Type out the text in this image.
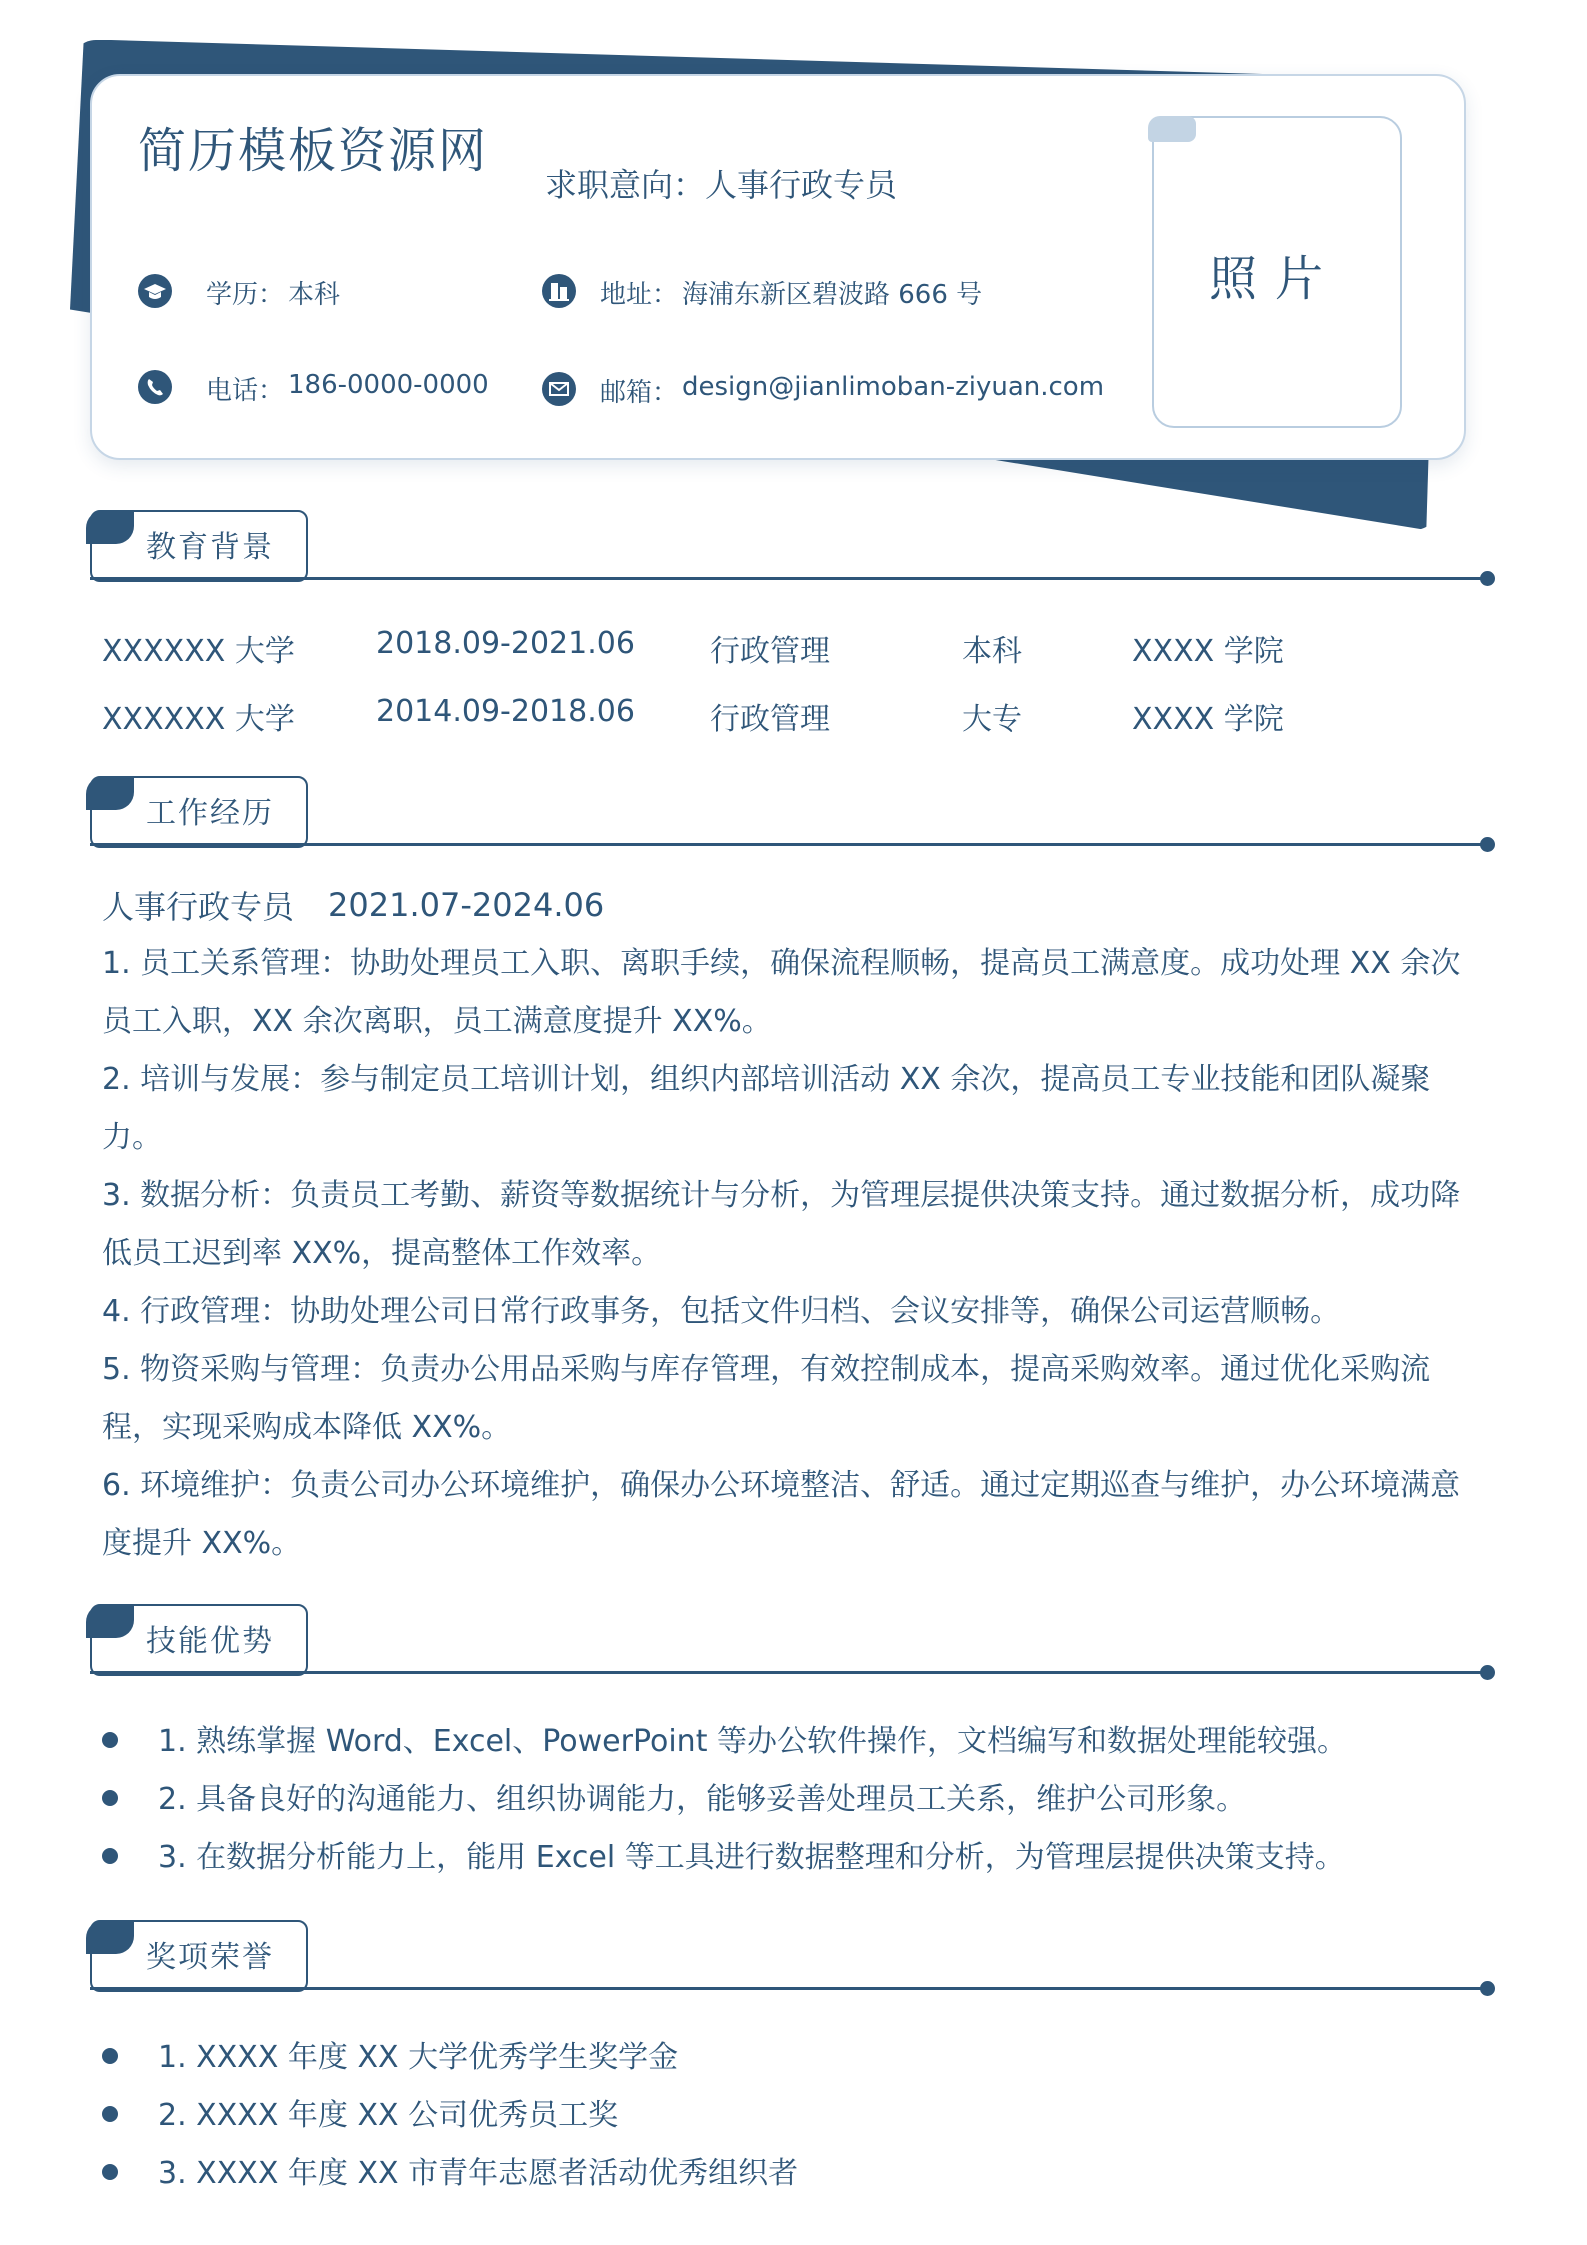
简历模板资源网
求职意向： 人事行政专员
学历： 本科	地址： 海浦东新区碧波路 666 号
电话： 186-0000-0000	邮箱： design@jianlimoban-ziyuan.com
照片
教育背景
XXXXXX 大学	2018.09-2021.06	行政管理	本科	XXXX 学院
XXXXXX 大学	2014.09-2018.06	行政管理	大专	XXXX 学院
工作经历
人事行政专员 2021.07-2024.06

1. 员工关系管理：协助处理员工入职、离职手续，确保流程顺畅，提高员工满意度。成功处理 XX 余次员工入职，XX 余次离职，员工满意度提升 XX%。

2. 培训与发展：参与制定员工培训计划，组织内部培训活动 XX 余次，提高员工专业技能和团队凝聚力。

3. 数据分析：负责员工考勤、薪资等数据统计与分析，为管理层提供决策支持。通过数据分析，成功降低员工迟到率 XX%，提高整体工作效率。

4. 行政管理：协助处理公司日常行政事务，包括文件归档、会议安排等，确保公司运营顺畅。

5. 物资采购与管理：负责办公用品采购与库存管理，有效控制成本，提高采购效率。通过优化采购流程，实现采购成本降低 XX%。

6. 环境维护：负责公司办公环境维护，确保办公环境整洁、舒适。通过定期巡查与维护，办公环境满意度提升 XX%。

技能优势
1. 熟练掌握 Word、Excel、PowerPoint 等办公软件操作，文档编写和数据处理能较强。
2. 具备良好的沟通能力、组织协调能力，能够妥善处理员工关系，维护公司形象。
3. 在数据分析能力上，能用 Excel 等工具进行数据整理和分析，为管理层提供决策支持。
奖项荣誉
1. XXXX 年度 XX 大学优秀学生奖学金
2. XXXX 年度 XX 公司优秀员工奖
3. XXXX 年度 XX 市青年志愿者活动优秀组织者
